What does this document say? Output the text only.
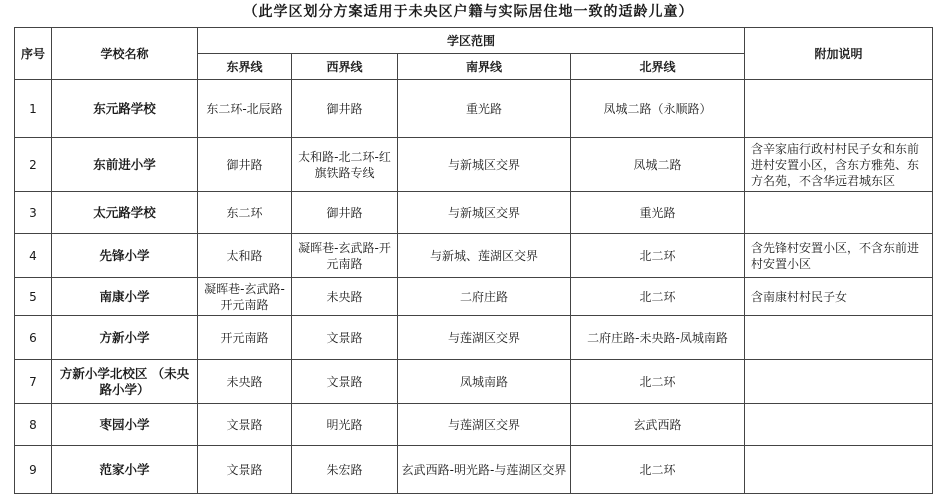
（此学区划分方案适用于未央区户籍与实际居住地一致的适龄儿童）
序号	学校名称	学区范围				附加说明
		东界线	西界线	南界线	北界线	
1	东元路学校	东二环-北辰路	御井路	重光路	凤城二路（永顺路）	
2	东前进小学	御井路	太和路-北二环-红旗铁路专线	与新城区交界	凤城二路	含辛家庙行政村村民子女和东前进村安置小区，含东方雅苑、东方名苑，不含华远君城东区
3	太元路学校	东二环	御井路	与新城区交界	重光路	
4	先锋小学	太和路	凝晖巷-玄武路-开元南路	与新城、莲湖区交界	北二环	含先锋村安置小区，不含东前进村安置小区
5	南康小学	凝晖巷-玄武路-开元南路	未央路	二府庄路	北二环	含南康村村民子女
6	方新小学	开元南路	文景路	与莲湖区交界	二府庄路-未央路-凤城南路	
7	方新小学北校区 （未央路小学）	未央路	文景路	凤城南路	北二环	
8	枣园小学	文景路	明光路	与莲湖区交界	玄武西路	
9	范家小学	文景路	朱宏路	玄武西路-明光路-与莲湖区交界	北二环	
